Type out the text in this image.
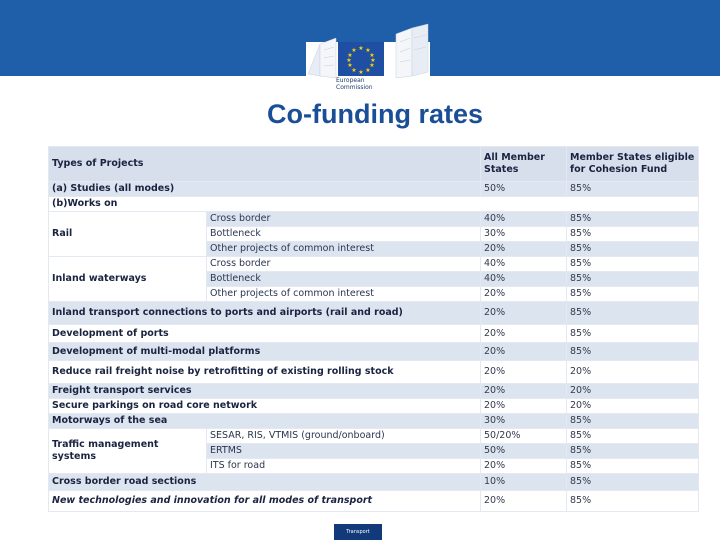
★ ★
★
★
★
★
★
★
★
★
★
★
European
Commission
Co-funding rates
Types of Projects		All Member States	Member States eligible for Cohesion Fund
(a) Studies (all modes)		50%	85%
(b)Works on			
Rail	Cross border	40%	85%
	Bottleneck	30%	85%
	Other projects of common interest	20%	85%
Inland waterways	Cross border	40%	85%
	Bottleneck	40%	85%
	Other projects of common interest	20%	85%
Inland transport connections to ports and airports (rail and road)		20%	85%
Development of ports		20%	85%
Development of multi-modal platforms		20%	85%
Reduce rail freight noise by retrofitting of existing rolling stock		20%	20%
Freight transport services		20%	20%
Secure parkings on road core network		20%	20%
Motorways of the sea		30%	85%
Traffic management systems	SESAR, RIS, VTMIS (ground/onboard)	50/20%	85%
	ERTMS	50%	85%
	ITS for road	20%	85%
Cross border road sections		10%	85%
New technologies and innovation for all modes of transport		20%	85%
Transport
